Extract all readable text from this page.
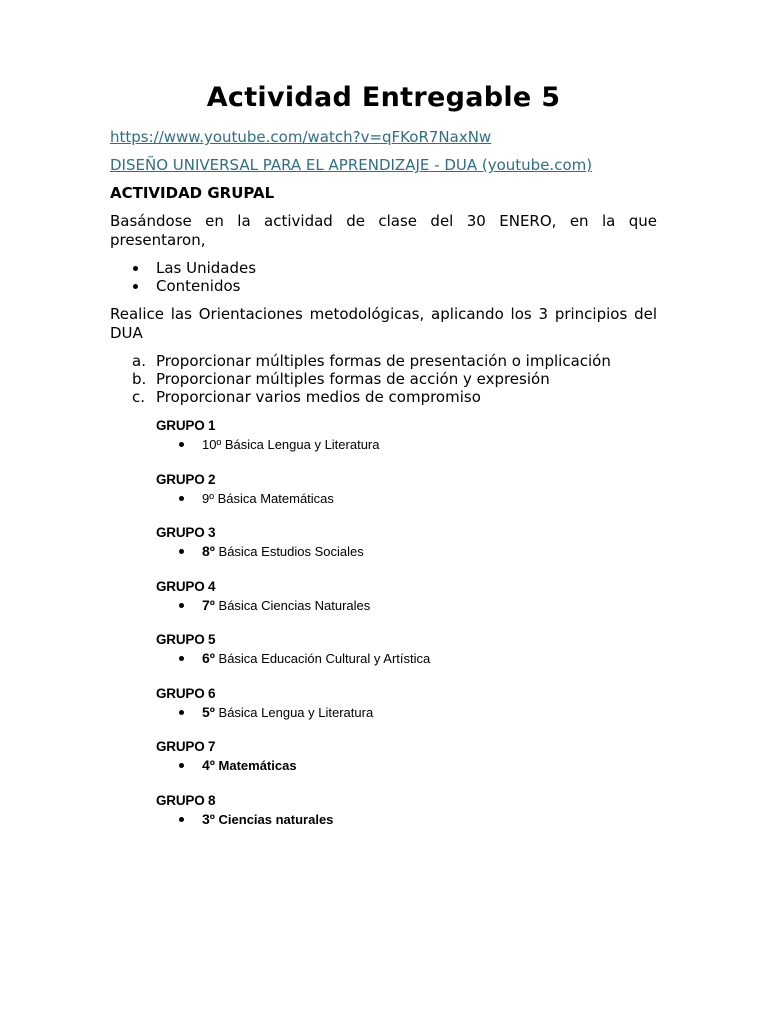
Actividad Entregable 5
https://www.youtube.com/watch?v=qFKoR7NaxNw
DISEÑO UNIVERSAL PARA EL APRENDIZAJE - DUA (youtube.com)
ACTIVIDAD GRUPAL
Basándose en la actividad de clase del 30 ENERO, en la que
presentaron,
Las Unidades
Contenidos
Realice las Orientaciones metodológicas, aplicando los 3 principios del
DUA
a. Proporcionar múltiples formas de presentación o implicación
b. Proporcionar múltiples formas de acción y expresión
c. Proporcionar varios medios de compromiso
GRUPO 1
10º Básica Lengua y Literatura
GRUPO 2
9º Básica Matemáticas
GRUPO 3
8º Básica Estudios Sociales
GRUPO 4
7º Básica Ciencias Naturales
GRUPO 5
6º Básica Educación Cultural y Artística
GRUPO 6
5º Básica Lengua y Literatura
GRUPO 7
4º Matemáticas
GRUPO 8
3º Ciencias naturales
